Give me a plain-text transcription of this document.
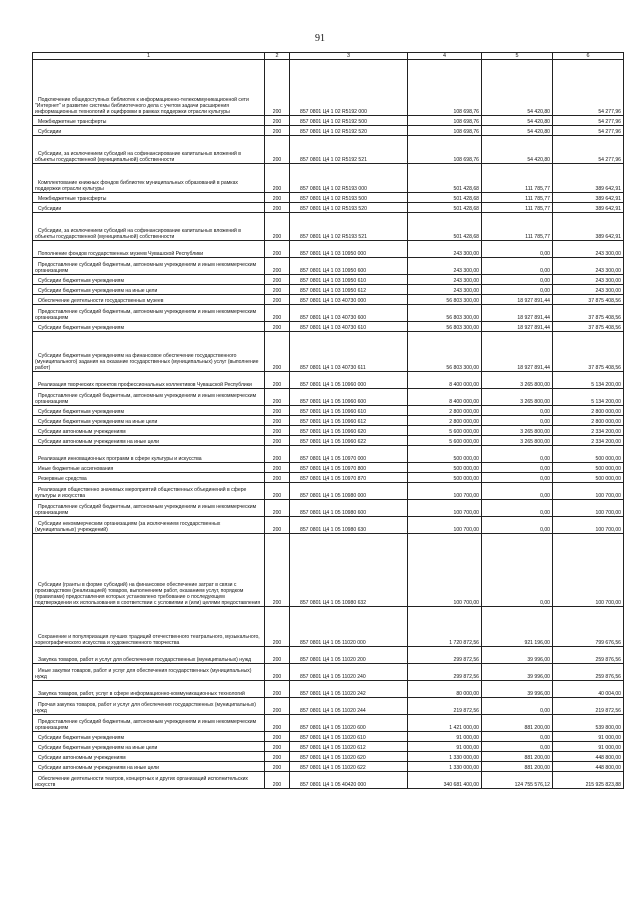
91
1	2	3	4	5	6
Подключение общедоступных библиотек к информационно-телекоммуникационной сети "Интернет" и развитие системы библиотечного дела с учетом задачи расширения информационных технологий и оцифровки в рамках поддержки отрасли культуры	200	857 0801 Ц4 1 02 R5192 000	108 698,76	54 420,80	54 277,96
Межбюджетные трансферты	200	857 0801 Ц4 1 02 R5192 500	108 698,76	54 420,80	54 277,96
Субсидии	200	857 0801 Ц4 1 02 R5192 520	108 698,76	54 420,80	54 277,96
Субсидии, за исключением субсидий на софинансирование капитальных вложений в объекты государственной (муниципальной) собственности	200	857 0801 Ц4 1 02 R5192 521	108 698,76	54 420,80	54 277,96
Комплектование книжных фондов библиотек муниципальных образований в рамках поддержки отрасли культуры	200	857 0801 Ц4 1 02 R5193 000	501 428,68	111 785,77	389 642,91
Межбюджетные трансферты	200	857 0801 Ц4 1 02 R5193 500	501 428,68	111 785,77	389 642,91
Субсидии	200	857 0801 Ц4 1 02 R5193 520	501 428,68	111 785,77	389 642,91
Субсидии, за исключением субсидий на софинансирование капитальных вложений в объекты государственной (муниципальной) собственности	200	857 0801 Ц4 1 02 R5193 521	501 428,68	111 785,77	389 642,91
Пополнение фондов государственных музеев Чувашской Республики	200	857 0801 Ц4 1 03 10950 000	243 300,00	0,00	243 300,00
Предоставление субсидий бюджетным, автономным учреждениям и иным некоммерческим организациям	200	857 0801 Ц4 1 03 10950 600	243 300,00	0,00	243 300,00
Субсидии бюджетным учреждениям	200	857 0801 Ц4 1 03 10950 610	243 300,00	0,00	243 300,00
Субсидии бюджетным учреждениям на иные цели	200	857 0801 Ц4 1 03 10950 612	243 300,00	0,00	243 300,00
Обеспечение деятельности государственных музеев	200	857 0801 Ц4 1 03 40730 000	56 803 300,00	18 927 891,44	37 875 408,56
Предоставление субсидий бюджетным, автономным учреждениям и иным некоммерческим организациям	200	857 0801 Ц4 1 03 40730 600	56 803 300,00	18 927 891,44	37 875 408,56
Субсидии бюджетным учреждениям	200	857 0801 Ц4 1 03 40730 610	56 803 300,00	18 927 891,44	37 875 408,56
Субсидии бюджетным учреждениям на финансовое обеспечение государственного (муниципального) задания на оказание государственных (муниципальных) услуг (выполнение работ)	200	857 0801 Ц4 1 03 40730 611	56 803 300,00	18 927 891,44	37 875 408,56
Реализация творческих проектов профессиональных коллективов Чувашской Республики	200	857 0801 Ц4 1 05 10960 000	8 400 000,00	3 265 800,00	5 134 200,00
Предоставление субсидий бюджетным, автономным учреждениям и иным некоммерческим организациям	200	857 0801 Ц4 1 05 10960 600	8 400 000,00	3 265 800,00	5 134 200,00
Субсидии бюджетным учреждениям	200	857 0801 Ц4 1 05 10960 610	2 800 000,00	0,00	2 800 000,00
Субсидии бюджетным учреждениям на иные цели	200	857 0801 Ц4 1 05 10960 612	2 800 000,00	0,00	2 800 000,00
Субсидии автономным учреждениям	200	857 0801 Ц4 1 05 10960 620	5 600 000,00	3 265 800,00	2 334 200,00
Субсидии автономным учреждениям на иные цели	200	857 0801 Ц4 1 05 10960 622	5 600 000,00	3 265 800,00	2 334 200,00
Реализация инновационных программ в сфере культуры и искусства	200	857 0801 Ц4 1 05 10970 000	500 000,00	0,00	500 000,00
Иные бюджетные ассигнования	200	857 0801 Ц4 1 05 10970 800	500 000,00	0,00	500 000,00
Резервные средства	200	857 0801 Ц4 1 05 10970 870	500 000,00	0,00	500 000,00
Реализация общественно значимых мероприятий общественных объединений в сфере культуры и искусства	200	857 0801 Ц4 1 05 10980 000	100 700,00	0,00	100 700,00
Предоставление субсидий бюджетным, автономным учреждениям и иным некоммерческим организациям	200	857 0801 Ц4 1 05 10980 600	100 700,00	0,00	100 700,00
Субсидии некоммерческим организациям (за исключением государственных (муниципальных) учреждений)	200	857 0801 Ц4 1 05 10980 630	100 700,00	0,00	100 700,00
Субсидии (гранты в форме субсидий) на финансовое обеспечение затрат в связи с производством (реализацией) товаров, выполнением работ, оказанием услуг, порядком (правилами) предоставления которых установлено требование о последующем подтверждении их использования в соответствии с условиями и (или) целями предоставления	200	857 0801 Ц4 1 05 10980 632	100 700,00	0,00	100 700,00
Сохранение и популяризация лучших традиций отечественного театрального, музыкального, хореографического искусства и художественного творчества	200	857 0801 Ц4 1 05 11020 000	1 720 872,56	921 196,00	799 676,56
Закупка товаров, работ и услуг для обеспечения государственных (муниципальных) нужд	200	857 0801 Ц4 1 05 11020 200	299 872,56	39 996,00	259 876,56
Иные закупки товаров, работ и услуг для обеспечения государственных (муниципальных) нужд	200	857 0801 Ц4 1 05 11020 240	299 872,56	39 996,00	259 876,56
Закупка товаров, работ, услуг в сфере информационно-коммуникационных технологий	200	857 0801 Ц4 1 05 11020 242	80 000,00	39 996,00	40 004,00
Прочая закупка товаров, работ и услуг для обеспечения государственных (муниципальных) нужд	200	857 0801 Ц4 1 05 11020 244	219 872,56	0,00	219 872,56
Предоставление субсидий бюджетным, автономным учреждениям и иным некоммерческим организациям	200	857 0801 Ц4 1 05 11020 600	1 421 000,00	881 200,00	539 800,00
Субсидии бюджетным учреждениям	200	857 0801 Ц4 1 05 11020 610	91 000,00	0,00	91 000,00
Субсидии бюджетным учреждениям на иные цели	200	857 0801 Ц4 1 05 11020 612	91 000,00	0,00	91 000,00
Субсидии автономным учреждениям	200	857 0801 Ц4 1 05 11020 620	1 330 000,00	881 200,00	448 800,00
Субсидии автономным учреждениям на иные цели	200	857 0801 Ц4 1 05 11020 622	1 330 000,00	881 200,00	448 800,00
Обеспечение деятельности театров, концертных и других организаций исполнительских искусств	200	857 0801 Ц4 1 05 40420 000	340 681 400,00	124 755 576,12	215 925 823,88
